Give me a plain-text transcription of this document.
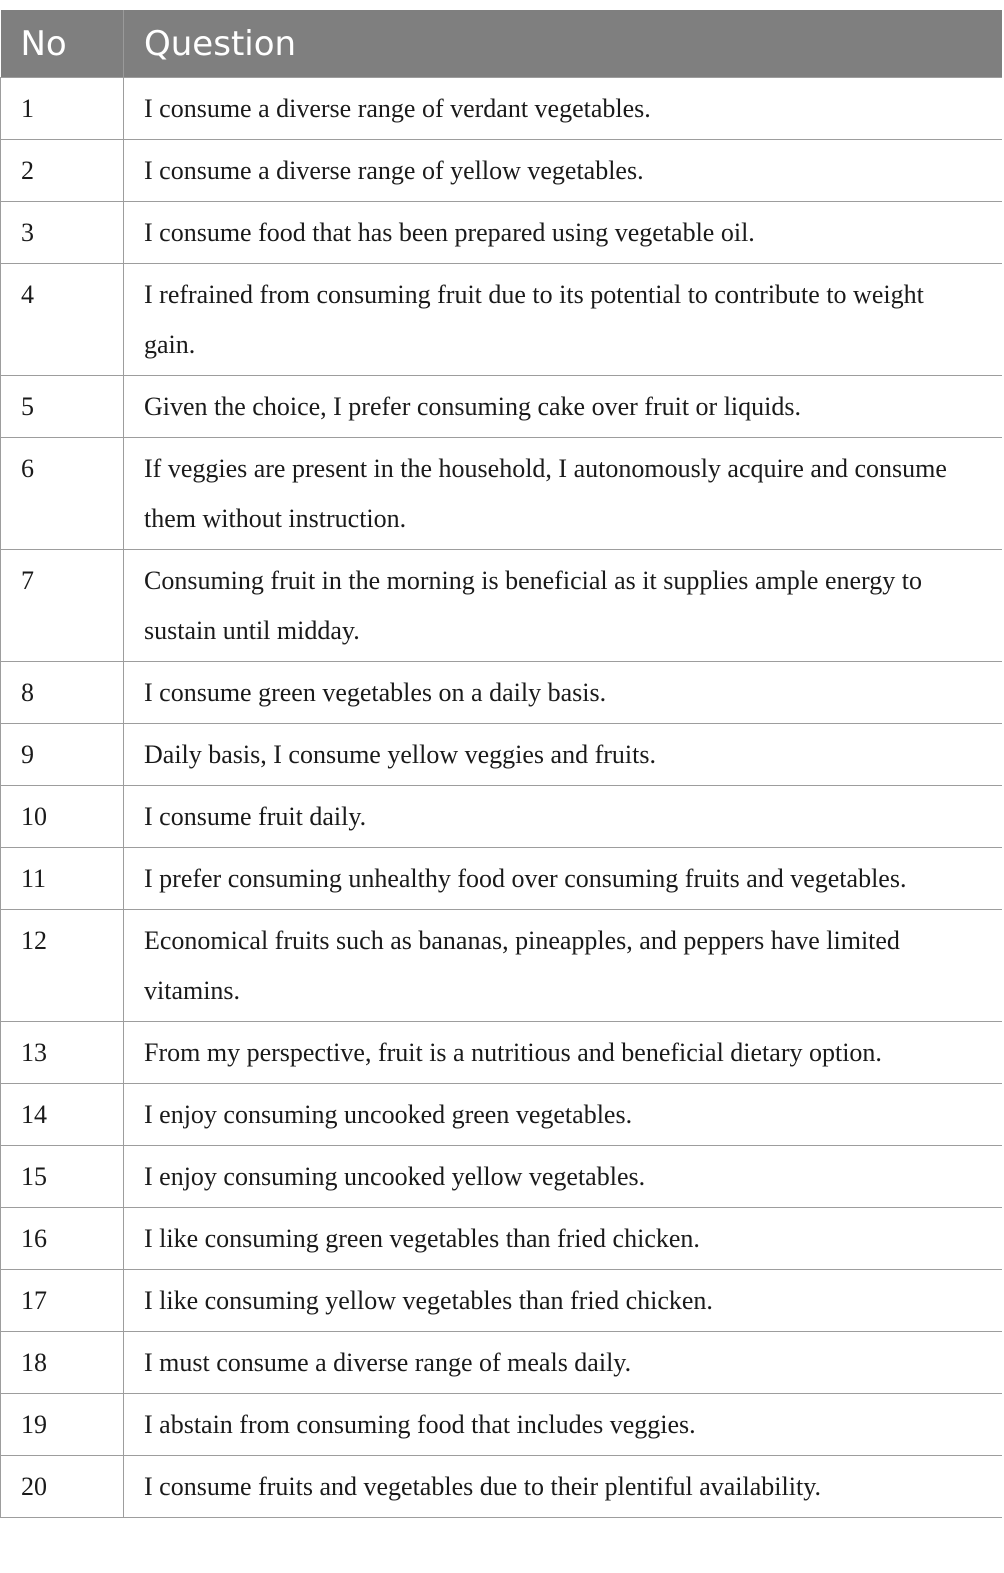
No	Question
1	I consume a diverse range of verdant vegetables.
2	I consume a diverse range of yellow vegetables.
3	I consume food that has been prepared using vegetable oil.
4	I refrained from consuming fruit due to its potential to contribute to weight gain.
5	Given the choice, I prefer consuming cake over fruit or liquids.
6	If veggies are present in the household, I autonomously acquire and consume them without instruction.
7	Consuming fruit in the morning is beneficial as it supplies ample energy to sustain until midday.
8	I consume green vegetables on a daily basis.
9	Daily basis, I consume yellow veggies and fruits.
10	I consume fruit daily.
11	I prefer consuming unhealthy food over consuming fruits and vegetables.
12	Economical fruits such as bananas, pineapples, and peppers have limited vitamins.
13	From my perspective, fruit is a nutritious and beneficial dietary option.
14	I enjoy consuming uncooked green vegetables.
15	I enjoy consuming uncooked yellow vegetables.
16	I like consuming green vegetables than fried chicken.
17	I like consuming yellow vegetables than fried chicken.
18	I must consume a diverse range of meals daily.
19	I abstain from consuming food that includes veggies.
20	I consume fruits and vegetables due to their plentiful availability.
